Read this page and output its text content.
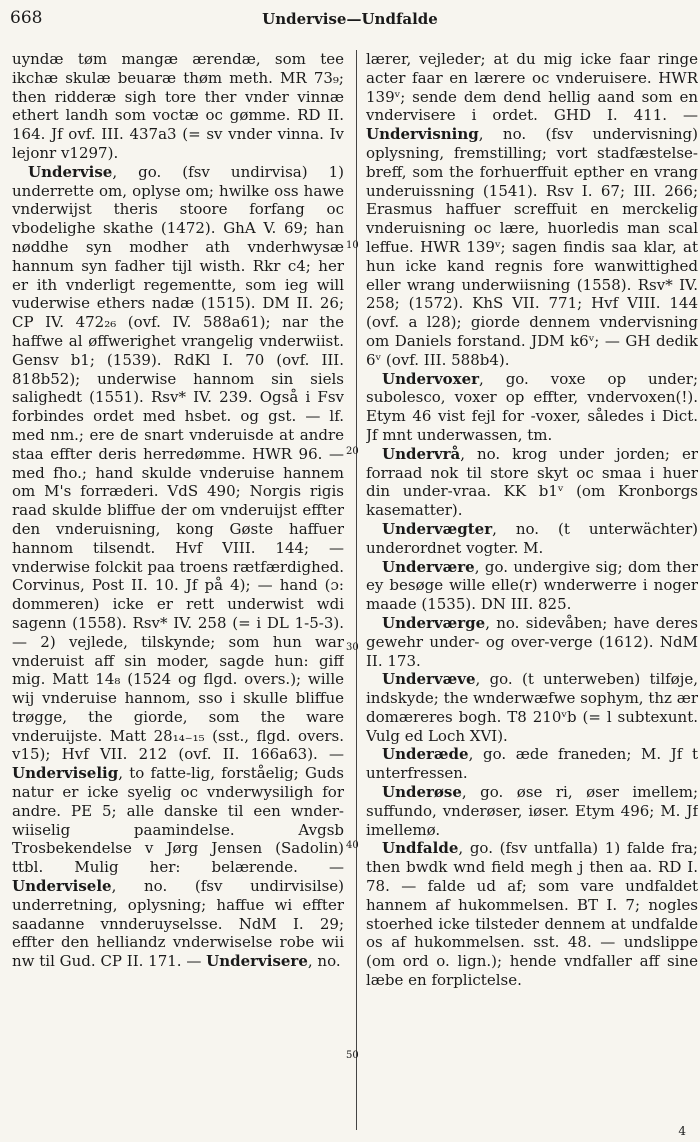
668	Undervise—Undfalde
10
20
30
40
50

uyndæ tøm mangæ ærendæ, som tee ikchæ skulæ beuaræ thøm meth. MR 73₉; then ridderæ sigh tore ther vnder vinnæ ethert landh som voctæ oc gømme. RD II. 164. Jf ovf. III. 437a3 (= sv vnder vinna. Iv lejonr v1297).

Undervise, go. (fsv undirvisa) 1) underrette om, oplyse om; hwilke oss hawe vnderwijst theris stoore forfang oc vbodelighe skathe (1472). GhA V. 69; han nøddhe syn modher ath vnderhwysæ hannum syn fadher tijl wisth. Rkr c4; her er ith vnderligt regementte, som ieg will vuderwise ethers nadæ (1515). DM II. 26; CP IV. 472₂₆ (ovf. IV. 588a61); nar the haffwe al øffwerighet vrangelig vnderwiist. Gensv b1; (1539). RdKl I. 70 (ovf. III. 818b52); underwise hannom sin siels salighedt (1551). Rsv* IV. 239. Også i Fsv forbindes ordet med hsbet. og gst. — lf. med nm.; ere de snart vnderuisde at andre staa effter deris herredømme. HWR 96. — med fho.; hand skulde vnderuise hannem om M's forræderi. VdS 490; Norgis rigis raad skulde bliffue der om vnderuijst effter den vnderuisning, kong Gøste haffuer hannom tilsendt. Hvf VIII. 144; — vnderwise folckit paa troens rætfærdighed. Corvinus, Post II. 10. Jf på 4); — hand (ɔ: dommeren) icke er rett underwist wdi sagenn (1558). Rsv* IV. 258 (= i DL 1-5-3). — 2) vejlede, tilskynde; som hun war vnderuist aff sin moder, sagde hun: giff mig. Matt 14₈ (1524 og flgd. overs.); wille wij vnderuise hannom, sso i skulle bliffue trøgge, the giorde, som the ware vnderuijste. Matt 28₁₄₋₁₅ (sst., flgd. overs. v15); Hvf VII. 212 (ovf. II. 166a63). — Underviselig, to fatte-lig, forståelig; Guds natur er icke syelig oc vnderwysiligh for andre. PE 5; alle danske til een wnder-wiiselig paamindelse. Avgsb Trosbekendelse v Jørg Jensen (Sadolin) ttbl. Mulig her: belærende. — Undervisele, no. (fsv undirvisilse) underretning, oplysning; haffue wi effter saadanne vnnderuyselsse. NdM I. 29; effter den helliandz vnderwiselse robe wii nw til Gud. CP II. 171. — Undervisere, no.

lærer, vejleder; at du mig icke faar ringe acter faar en lærere oc vnderuisere. HWR 139ᵛ; sende dem dend hellig aand som en vndervisere i ordet. GHD I. 411. — Undervisning, no. (fsv undervisning) oplysning, fremstilling; vort stadfæstelse-breff, som the forhuerffuit epther en vrang underuissning (1541). Rsv I. 67; III. 266; Erasmus haffuer screffuit en merckelig vnderuisning oc lære, huorledis man scal leffue. HWR 139ᵛ; sagen findis saa klar, at hun icke kand regnis fore wanwittighed eller wrang underwiisning (1558). Rsv* IV. 258; (1572). KhS VII. 771; Hvf VIII. 144 (ovf. a l28); giorde dennem vndervisning om Daniels forstand. JDM k6ᵛ; — GH dedik 6ᵛ (ovf. III. 588b4).

Undervoxer, go. voxe op under; subolesco, voxer op effter, vndervoxen(!). Etym 46 vist fejl for -voxer, således i Dict. Jf mnt underwassen, tm.

Undervrå, no. krog under jorden; er forraad nok til store skyt oc smaa i huer din under-vraa. KK b1ᵛ (om Kronborgs kasematter).

Undervægter, no. (t unterwächter) underordnet vogter. M.

Undervære, go. undergive sig; dom ther ey besøge wille elle(r) wnderwerre i noger maade (1535). DN III. 825.

Underværge, no. sidevåben; have deres gewehr under- og over-verge (1612). NdM II. 173.

Undervæve, go. (t unterweben) tilføje, indskyde; the wnderwæfwe sophym, thz ær domæreres bogh. T8 210ᵛb (= l subtexunt. Vulg ed Loch XVI).

Underæde, go. æde franeden; M. Jf t unterfressen.

Underøse, go. øse ri, øser imellem; suffundo, vnderøser, iøser. Etym 496; M. Jf imellemø.

Undfalde, go. (fsv untfalla) 1) falde fra; then bwdk wnd field megh j then aa. RD I. 78. — falde ud af; som vare undfaldet hannem af hukommelsen. BT I. 7; nogles stoerhed icke tilsteder dennem at undfalde os af hukommelsen. sst. 48. — undslippe (om ord o. lign.); hende vndfaller aff sine læbe en forplictelse.

4
